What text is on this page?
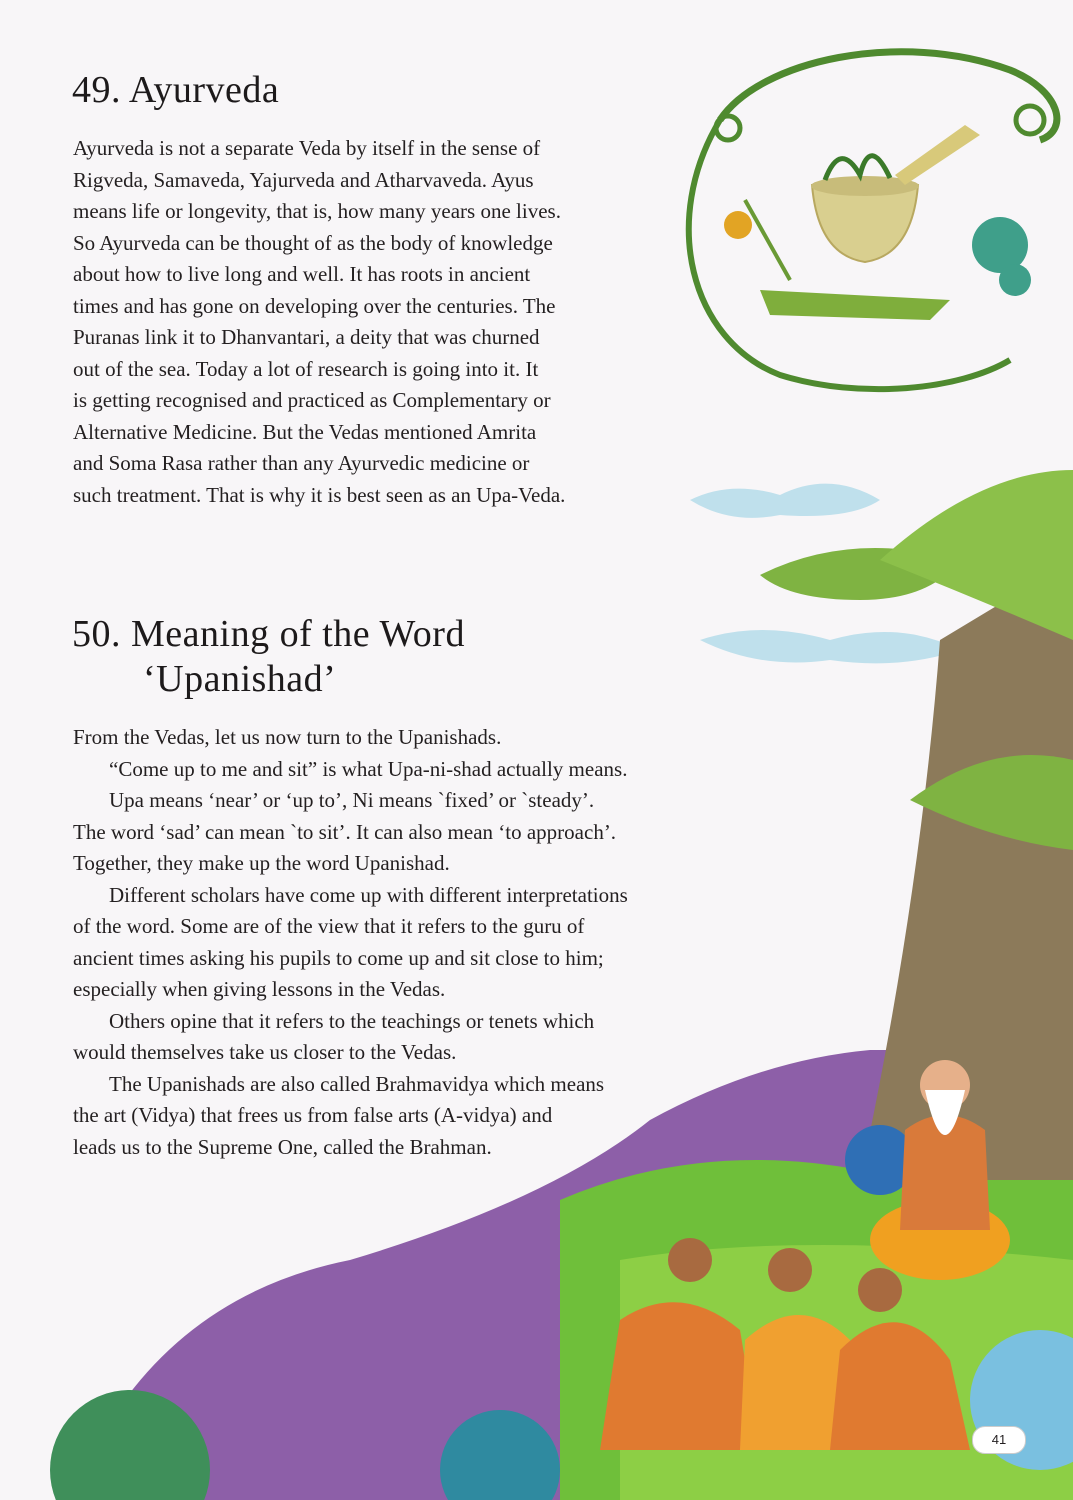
49. Ayurveda
Ayurveda is not a separate Veda by itself in the sense of
Rigveda, Samaveda, Yajurveda and Atharvaveda. Ayus
means life or longevity, that is, how many years one lives.
So Ayurveda can be thought of as the body of knowledge
about how to live long and well. It has roots in ancient
times and has gone on developing over the centuries. The
Puranas link it to Dhanvantari, a deity that was churned
out of the sea. Today a lot of research is going into it. It
is getting recognised and practiced as Complementary or
Alternative Medicine. But the Vedas mentioned Amrita
and Soma Rasa rather than any Ayurvedic medicine or
such treatment. That is why it is best seen as an Upa-Veda.
50. Meaning of the Word
‘Upanishad’
From the Vedas, let us now turn to the Upanishads.
“Come up to me and sit” is what Upa-ni-shad actually means.
Upa means ‘near’ or ‘up to’, Ni means `fixed’ or `steady’.
The word ‘sad’ can mean `to sit’. It can also mean ‘to approach’.
Together, they make up the word Upanishad.
Different scholars have come up with different interpretations
of the word. Some are of the view that it refers to the guru of
ancient times asking his pupils to come up and sit close to him;
especially when giving lessons in the Vedas.
Others opine that it refers to the teachings or tenets which
would themselves take us closer to the Vedas.
The Upanishads are also called Brahmavidya which means
the art (Vidya) that frees us from false arts (A-vidya) and
leads us to the Supreme One, called the Brahman.
41
